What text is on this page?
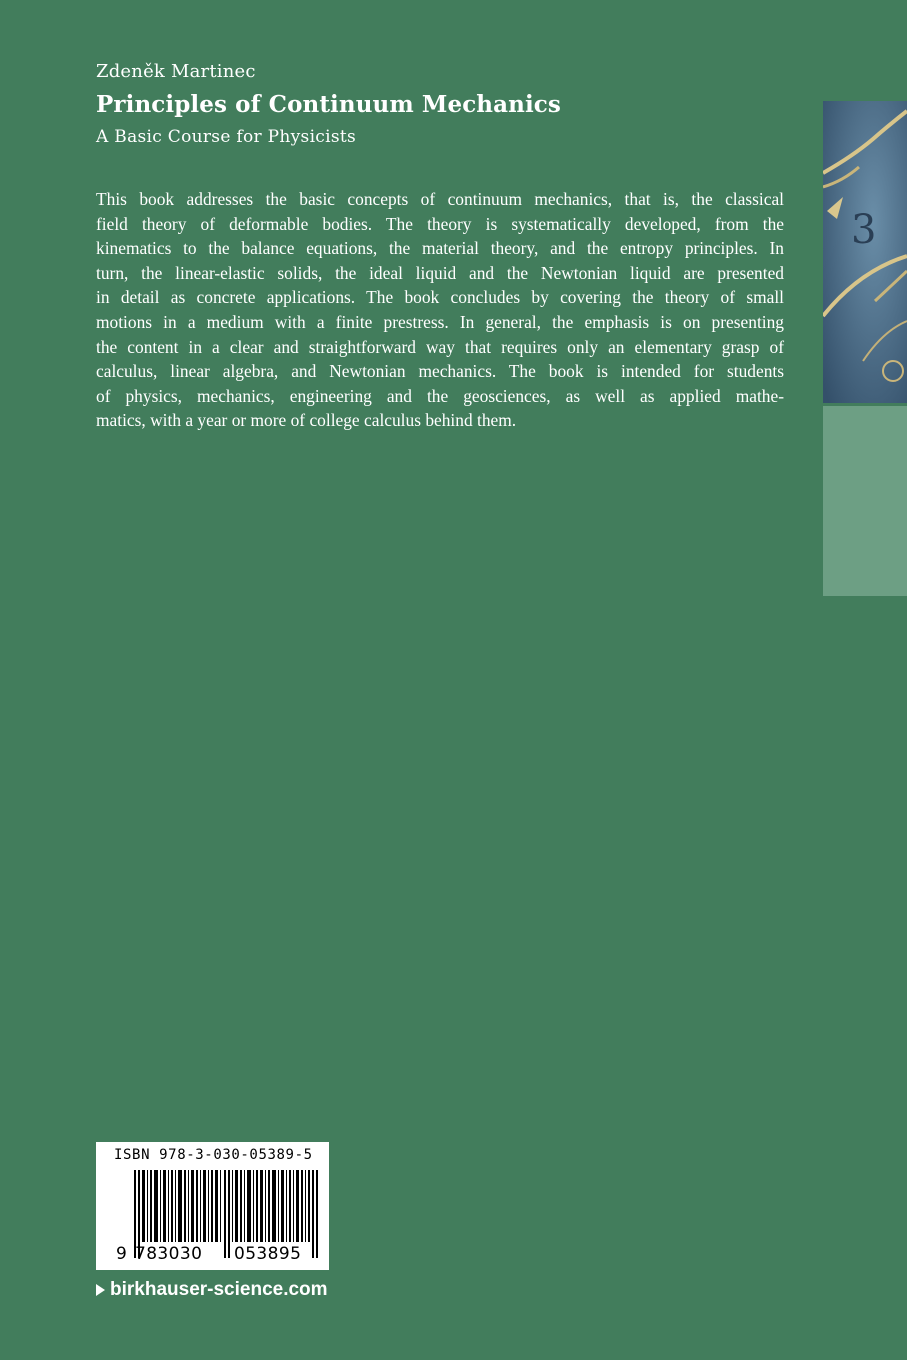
Zdeněk Martinec
Principles of Continuum Mechanics
A Basic Course for Physicists
This book addresses the basic concepts of continuum mechanics, that is, the classical
field theory of deformable bodies. The theory is systematically developed, from the
kinematics to the balance equations, the material theory, and the entropy principles. In
turn, the linear-elastic solids, the ideal liquid and the Newtonian liquid are presented
in detail as concrete applications. The book concludes by covering the theory of small
motions in a medium with a finite prestress. In general, the emphasis is on presenting
the content in a clear and straightforward way that requires only an elementary grasp of
calculus, linear algebra, and Newtonian mechanics. The book is intended for students
of physics, mechanics, engineering and the geosciences, as well as applied mathe-
matics, with a year or more of college calculus behind them.
3
ISBN 978-3-030-05389-5
9 783030 053895
birkhauser-science.com
